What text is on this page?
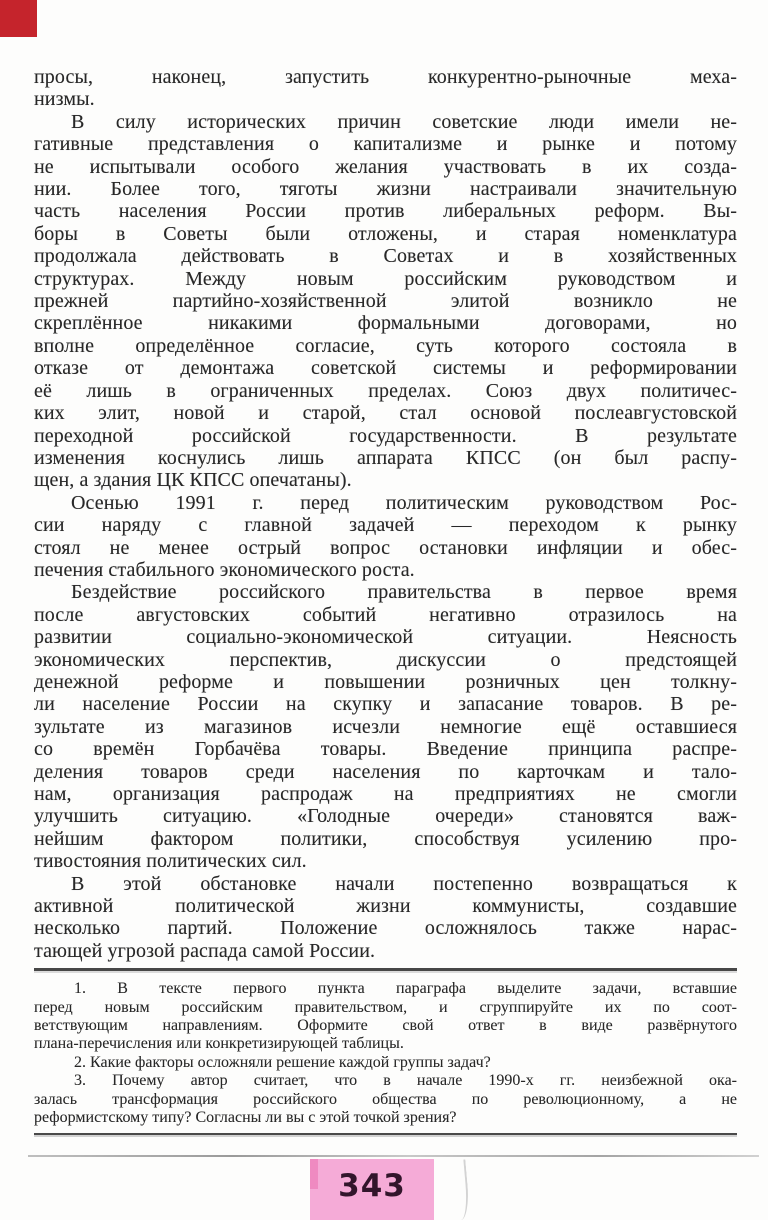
просы, наконец, запустить конкурентно-рыночные меха-
низмы.
В силу исторических причин советские люди имели не-
гативные представления о капитализме и рынке и потому
не испытывали особого желания участвовать в их созда-
нии. Более того, тяготы жизни настраивали значительную
часть населения России против либеральных реформ. Вы-
боры в Советы были отложены, и старая номенклатура
продолжала действовать в Советах и в хозяйственных
структурах. Между новым российским руководством и
прежней партийно-хозяйственной элитой возникло не
скреплённое никакими формальными договорами, но
вполне определённое согласие, суть которого состояла в
отказе от демонтажа советской системы и реформировании
её лишь в ограниченных пределах. Союз двух политичес-
ких элит, новой и старой, стал основой послеавгустовской
переходной российской государственности. В результате
изменения коснулись лишь аппарата КПСС (он был распу-
щен, а здания ЦК КПСС опечатаны).
Осенью 1991 г. перед политическим руководством Рос-
сии наряду с главной задачей — переходом к рынку
стоял не менее острый вопрос остановки инфляции и обес-
печения стабильного экономического роста.
Бездействие российского правительства в первое время
после августовских событий негативно отразилось на
развитии социально-экономической ситуации. Неясность
экономических перспектив, дискуссии о предстоящей
денежной реформе и повышении розничных цен толкну-
ли население России на скупку и запасание товаров. В ре-
зультате из магазинов исчезли немногие ещё оставшиеся
со времён Горбачёва товары. Введение принципа распре-
деления товаров среди населения по карточкам и тало-
нам, организация распродаж на предприятиях не смогли
улучшить ситуацию. «Голодные очереди» становятся важ-
нейшим фактором политики, способствуя усилению про-
тивостояния политических сил.
В этой обстановке начали постепенно возвращаться к
активной политической жизни коммунисты, создавшие
несколько партий. Положение осложнялось также нарас-
тающей угрозой распада самой России.
1. В тексте первого пункта параграфа выделите задачи, вставшие
перед новым российским правительством, и сгруппируйте их по соот-
ветствующим направлениям. Оформите свой ответ в виде развёрнутого
плана-перечисления или конкретизирующей таблицы.
2. Какие факторы осложняли решение каждой группы задач?
3. Почему автор считает, что в начале 1990-х гг. неизбежной ока-
залась трансформация российского общества по революционному, а не
реформистскому типу? Согласны ли вы с этой точкой зрения?
343
